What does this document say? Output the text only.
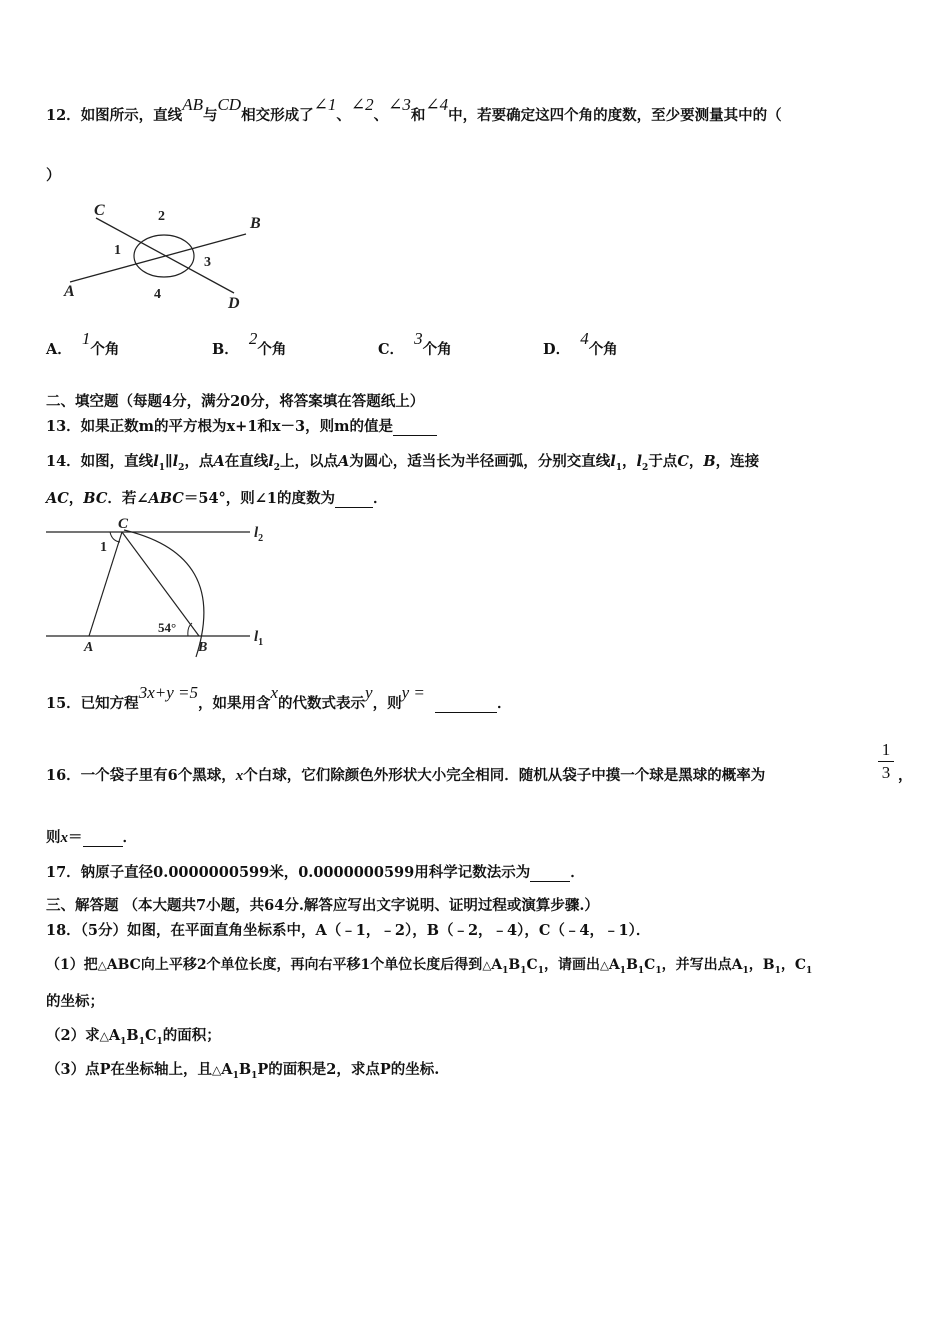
12．如图所示，直线AB与CD相交形成了∠1、∠2、∠3和∠4中，若要确定这四个角的度数，至少要测量其中的（
）
C	2	B
1
3
A	4
D
A．  1个角	B．  2个角	C．  3个角	D．  4个角
二、填空题（每题4分，满分20分，将答案填在答题纸上）
13．如果正数m的平方根为x+1和x－3，则m的值是
14．如图，直线$l_1\parallel l_2$，点A在直线$l_2$上，以点A为圆心，适当长为半径画弧，分别交直线$l_1$，$l_2$于点C，B，连接
AC，BC．若∠ABC＝54°，则∠1的度数为	．
C
$l_2$
1
54°
A	B
$l_1$
15．已知方程3x+y =5，如果用含x的代数式表示y，则y =   ．
16．一个袋子里有6个黑球，x个白球，它们除颜色外形状大小完全相同．随机从袋子中摸一个球是黑球的概率为
1
3 ，
则x＝	．
17．钠原子直径0.0000000599米，0.0000000599用科学记数法示为	．
三、解答题 （本大题共7小题，共64分.解答应写出文字说明、证明过程或演算步骤.）
18．（5分）如图，在平面直角坐标系中，A（﹣1，﹣2），B（﹣2，﹣4），C（﹣4，﹣1）．
（1）把△ABC向上平移2个单位长度，再向右平移1个单位长度后得到$\triangle A_1B_1C_1$，请画出$\triangle A_1B_1C_1$，并写出点$A_1$，$B_1$，$C_1$
的坐标；
（2）求$\triangle A_1B_1C_1$的面积；
（3）点P在坐标轴上，且$\triangle A_1B_1P$的面积是2，求点P的坐标.
